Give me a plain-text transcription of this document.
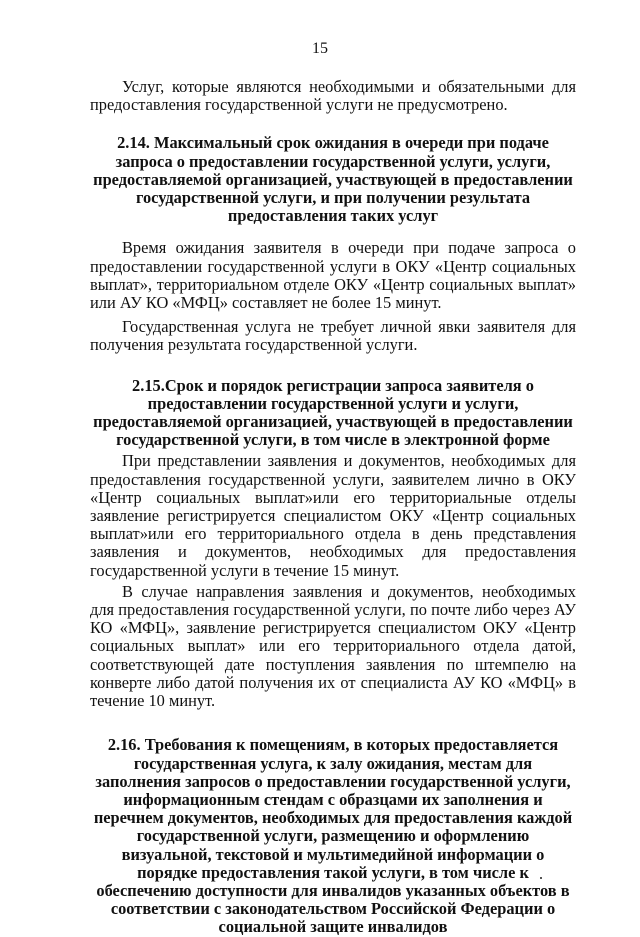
15

Услуг, которые являются необходимыми и обязательными для предоставления государственной услуги не предусмотрено.

2.14. Максимальный срок ожидания в очереди при подаче запроса о предоставлении государственной услуги, услуги, предоставляемой организацией, участвующей в предоставлении государственной услуги, и при получении результата предоставления таких услуг

Время ожидания заявителя в очереди при подаче запроса о предоставлении государственной услуги в ОКУ «Центр социальных выплат», территориальном отделе ОКУ «Центр социальных выплат» или АУ КО «МФЦ» составляет не более 15 минут.

Государственная услуга не требует личной явки заявителя для получения результата государственной услуги.

2.15.Срок и порядок регистрации запроса заявителя о предоставлении государственной услуги и услуги, предоставляемой организацией, участвующей в предоставлении государственной услуги, в том числе в электронной форме

При представлении заявления и документов, необходимых для предоставления государственной услуги, заявителем лично в ОКУ «Центр социальных выплат»или его территориальные отделы заявление регистрируется специалистом ОКУ «Центр социальных выплат»или его территориального отдела в день представления заявления и документов, необходимых для предоставления государственной услуги в течение 15 минут.

В случае направления заявления и документов, необходимых для предоставления государственной услуги, по почте либо через АУ КО «МФЦ», заявление регистрируется специалистом ОКУ «Центр социальных выплат» или его территориального отдела датой, соответствующей дате поступления заявления по штемпелю на конверте либо датой получения их от специалиста АУ КО «МФЦ» в течение 10 минут.

2.16. Требования к помещениям, в которых предоставляется государственная услуга, к залу ожидания, местам для заполнения запросов о предоставлении государственной услуги, информационным стендам с образцами их заполнения и перечнем документов, необходимых для предоставления каждой государственной услуги, размещению и оформлению визуальной, текстовой и мультимедийной информации о порядке предоставления такой услуги, в том числе к обеспечению доступности для инвалидов указанных объектов в соответствии с законодательством Российской Федерации о социальной защите инвалидов
